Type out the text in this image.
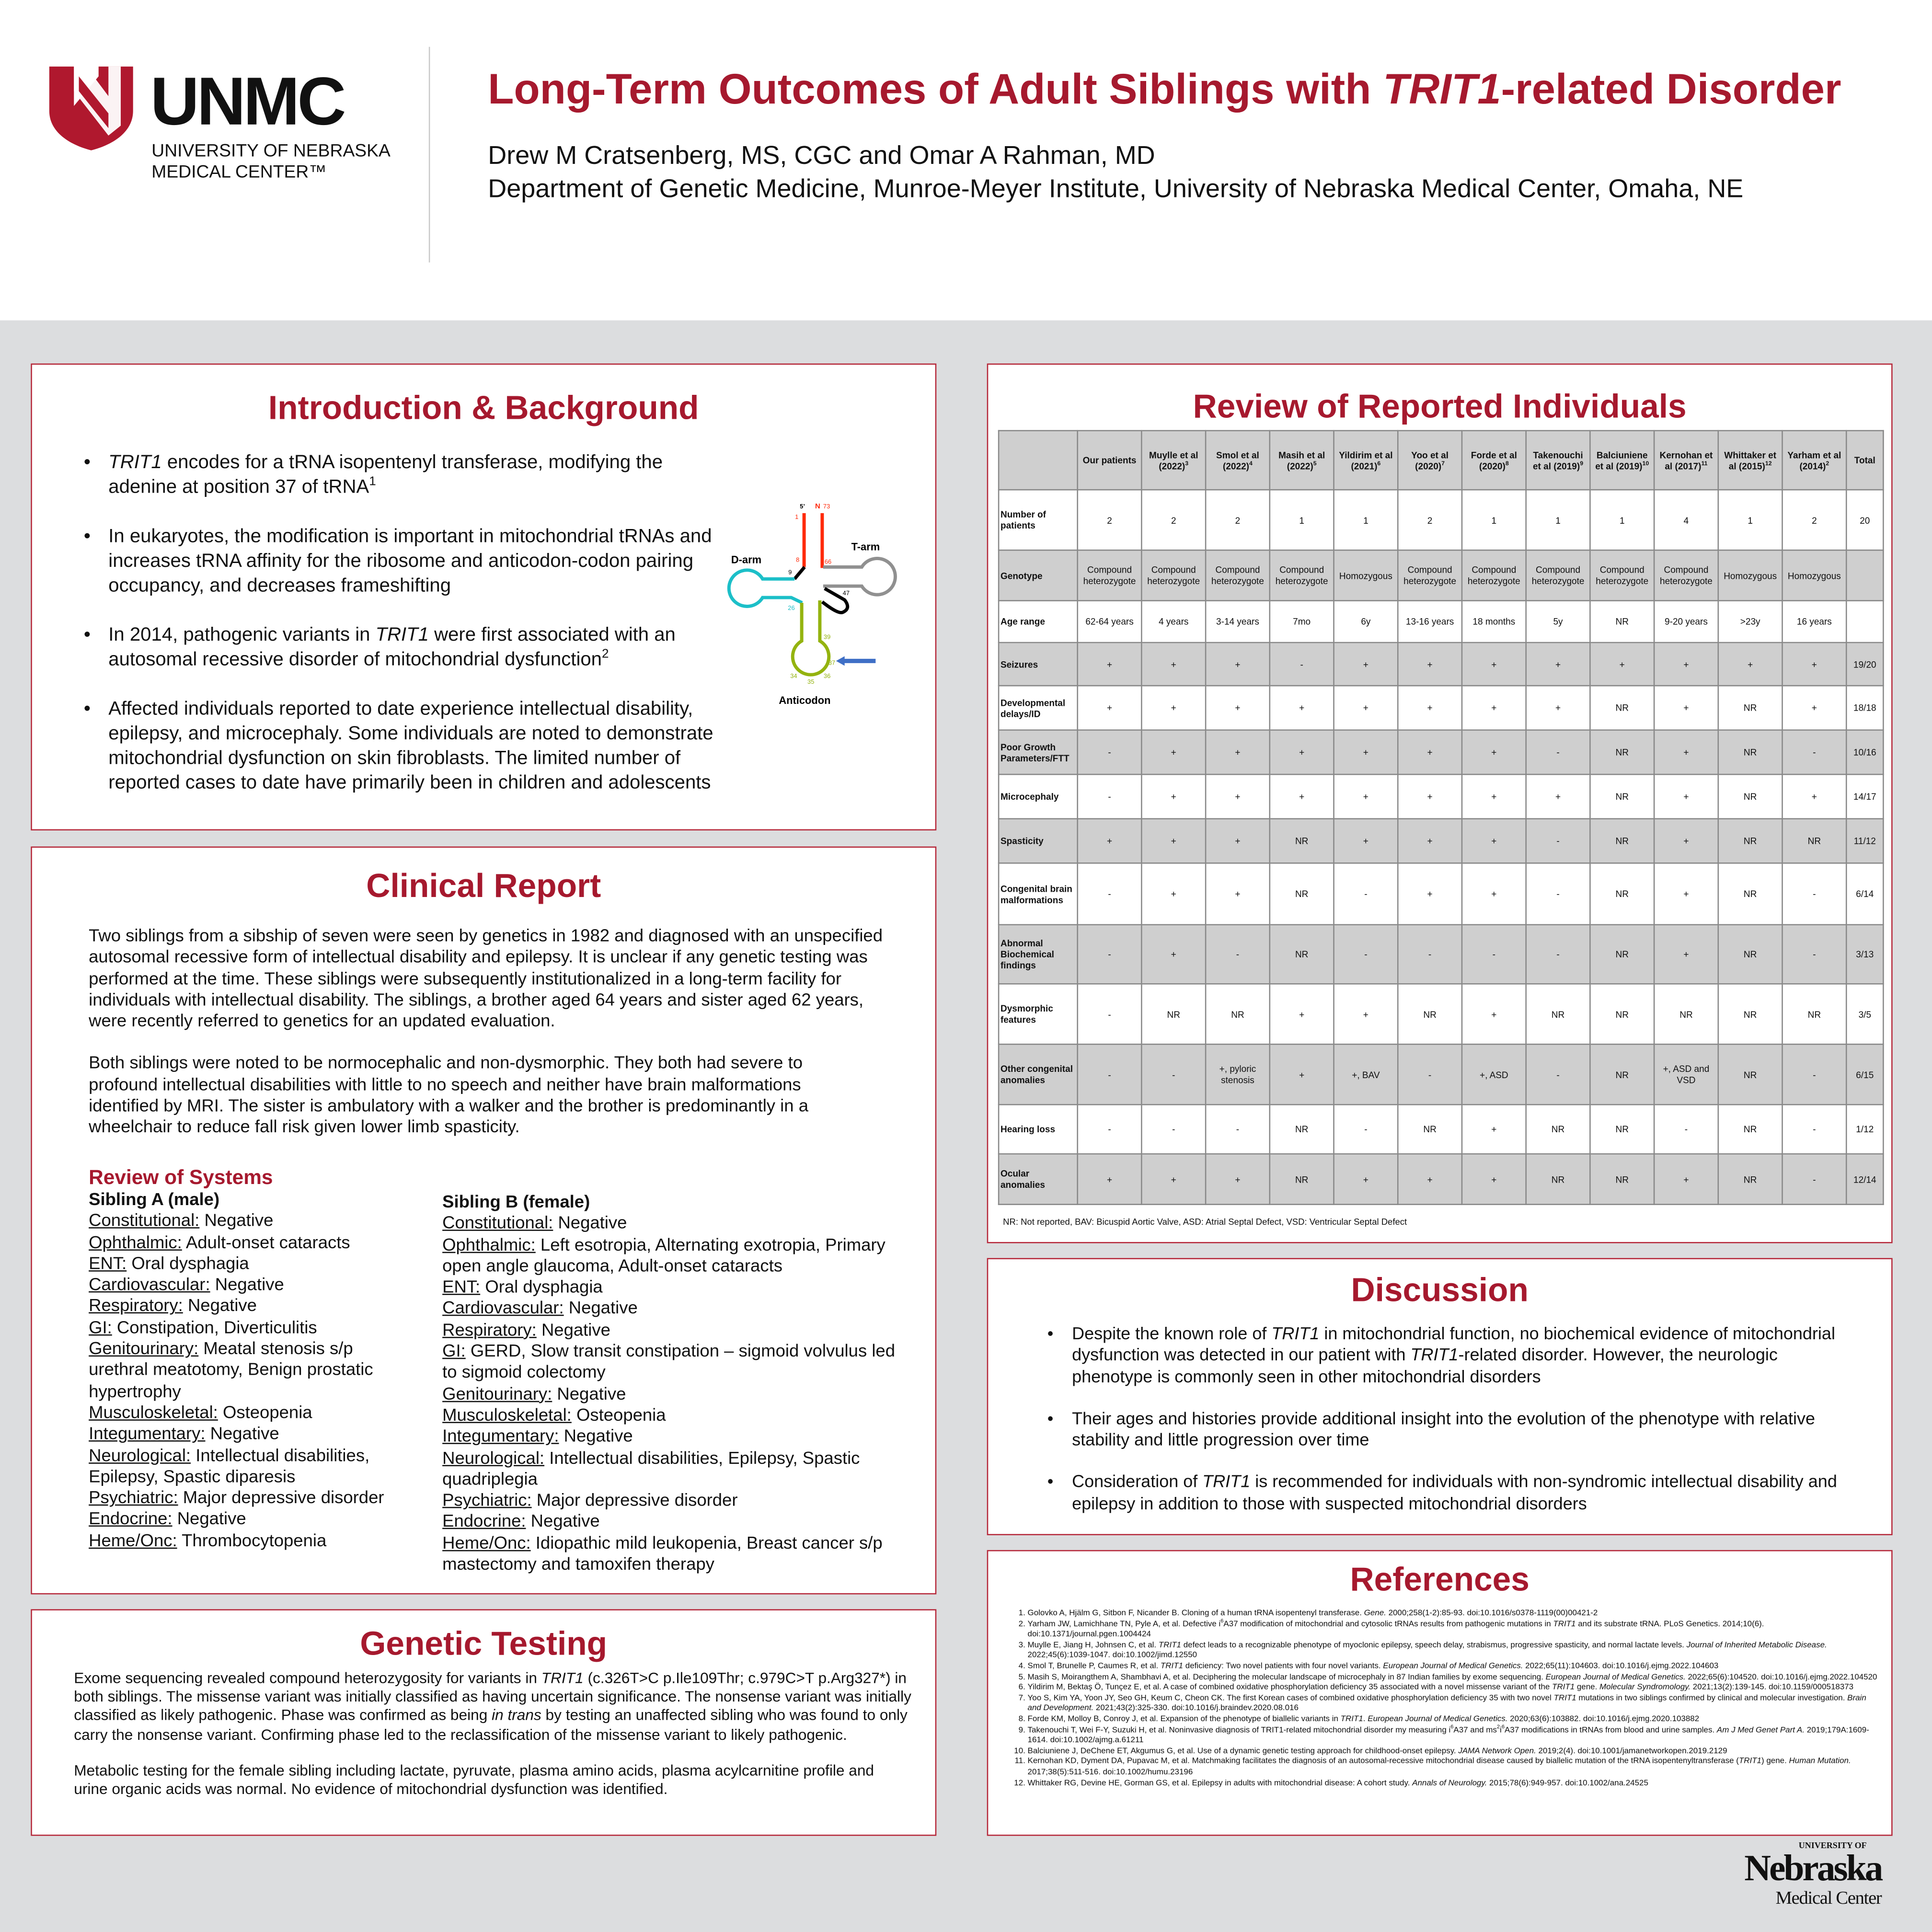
UNMC
UNIVERSITY OF NEBRASKA
MEDICAL CENTER™
Long-Term Outcomes of Adult Siblings with TRIT1-related Disorder
Drew M Cratsenberg, MS, CGC and Omar A Rahman, MD
Department of Genetic Medicine, Munroe-Meyer Institute, University of Nebraska Medical Center, Omaha, NE
Introduction & Background
• TRIT1 encodes for a tRNA isopentenyl transferase, modifying the adenine at position 37 of tRNA$^1$
• In eukaryotes, the modification is important in mitochondrial tRNAs and increases tRNA affinity for the ribosome and anticodon-codon pairing occupancy, and decreases frameshifting
• In 2014, pathogenic variants in TRIT1 were first associated with an autosomal recessive disorder of mitochondrial dysfunction$^2$
• Affected individuals reported to date experience intellectual disability, epilepsy, and microcephaly. Some individuals are noted to demonstrate mitochondrial dysfunction on skin fibroblasts. The limited number of reported cases to date have primarily been in children and adolescents
5’ N 73
1
8
9
66
47
26
39
37
34
35
36
D-arm
T-arm
Anticodon
Clinical Report
Two siblings from a sibship of seven were seen by genetics in 1982 and diagnosed with an unspecified autosomal recessive form of intellectual disability and epilepsy. It is unclear if any genetic testing was performed at the time. These siblings were subsequently institutionalized in a long-term facility for individuals with intellectual disability. The siblings, a brother aged 64 years and sister aged 62 years, were recently referred to genetics for an updated evaluation.
Both siblings were noted to be normocephalic and non-dysmorphic. They both had severe to profound intellectual disabilities with little to no speech and neither have brain malformations identified by MRI. The sister is ambulatory with a walker and the brother is predominantly in a wheelchair to reduce fall risk given lower limb spasticity.
Review of Systems
Sibling A (male)
Constitutional: Negative
Ophthalmic: Adult-onset cataracts
ENT: Oral dysphagia
Cardiovascular: Negative
Respiratory: Negative
GI: Constipation, Diverticulitis
Genitourinary: Meatal stenosis s/p urethral meatotomy, Benign prostatic hypertrophy
Musculoskeletal: Osteopenia
Integumentary: Negative
Neurological: Intellectual disabilities, Epilepsy, Spastic diparesis
Psychiatric: Major depressive disorder
Endocrine: Negative
Heme/Onc: Thrombocytopenia
Sibling B (female)
Constitutional: Negative
Ophthalmic: Left esotropia, Alternating exotropia, Primary open angle glaucoma, Adult-onset cataracts
ENT: Oral dysphagia
Cardiovascular: Negative
Respiratory: Negative
GI: GERD, Slow transit constipation – sigmoid volvulus led to sigmoid colectomy
Genitourinary: Negative
Musculoskeletal: Osteopenia
Integumentary: Negative
Neurological: Intellectual disabilities, Epilepsy, Spastic quadriplegia
Psychiatric: Major depressive disorder
Endocrine: Negative
Heme/Onc: Idiopathic mild leukopenia, Breast cancer s/p mastectomy and tamoxifen therapy
Genetic Testing
Exome sequencing revealed compound heterozygosity for variants in TRIT1 (c.326T>C p.Ile109Thr; c.979C>T p.Arg327*) in both siblings. The missense variant was initially classified as having uncertain significance. The nonsense variant was initially classified as likely pathogenic. Phase was confirmed as being in trans by testing an unaffected sibling who was found to only carry the nonsense variant. Confirming phase led to the reclassification of the missense variant to likely pathogenic.
Metabolic testing for the female sibling including lactate, pyruvate, plasma amino acids, plasma acylcarnitine profile and urine organic acids was normal. No evidence of mitochondrial dysfunction was identified.
Review of Reported Individuals
	Our patients	Muylle et al $(2022)^3$	Smol et al $(2022)^4$	Masih et al $(2022)^5$	Yildirim et al $(2021)^6$	Yoo et al $(2020)^7$	Forde et al $(2020)^8$	Takenouchi et al $(2019)^9$	Balciuniene et al $(2019)^{10}$	Kernohan et al $(2017)^{11}$	Whittaker et al $(2015)^{12}$	Yarham et al $(2014)^2$	Total
Number of patients	2	2	2	1	1	2	1	1	1	4	1	2	20
Genotype	Compound heterozygote	Compound heterozygote	Compound heterozygote	Compound heterozygote	Homozygous	Compound heterozygote	Compound heterozygote	Compound heterozygote	Compound heterozygote	Compound heterozygote	Homozygous	Homozygous	
Age range	62-64 years	4 years	3-14 years	7mo	6y	13-16 years	18 months	5y	NR	9-20 years	>23y	16 years	
Seizures	+	+	+	-	+	+	+	+	+	+	+	+	19/20
Developmental delays/ID	+	+	+	+	+	+	+	+	NR	+	NR	+	18/18
Poor Growth Parameters/FTT	-	+	+	+	+	+	+	-	NR	+	NR	-	10/16
Microcephaly	-	+	+	+	+	+	+	+	NR	+	NR	+	14/17
Spasticity	+	+	+	NR	+	+	+	-	NR	+	NR	NR	11/12
Congenital brain malformations	-	+	+	NR	-	+	+	-	NR	+	NR	-	6/14
Abnormal Biochemical findings	-	+	-	NR	-	-	-	-	NR	+	NR	-	3/13
Dysmorphic features	-	NR	NR	+	+	NR	+	NR	NR	NR	NR	NR	3/5
Other congenital anomalies	-	-	+, pyloric stenosis	+	+, BAV	-	+, ASD	-	NR	+, ASD and VSD	NR	-	6/15
Hearing loss	-	-	-	NR	-	NR	+	NR	NR	-	NR	-	1/12
Ocular anomalies	+	+	+	NR	+	+	+	NR	NR	+	NR	-	12/14
NR: Not reported, BAV: Bicuspid Aortic Valve, ASD: Atrial Septal Defect, VSD: Ventricular Septal Defect
Discussion
• Despite the known role of TRIT1 in mitochondrial function, no biochemical evidence of mitochondrial dysfunction was detected in our patient with TRIT1-related disorder. However, the neurologic phenotype is commonly seen in other mitochondrial disorders
• Their ages and histories provide additional insight into the evolution of the phenotype with relative stability and little progression over time
• Consideration of TRIT1 is recommended for individuals with non-syndromic intellectual disability and epilepsy in addition to those with suspected mitochondrial disorders
References
1. Golovko A, Hjälm G, Sitbon F, Nicander B. Cloning of a human tRNA isopentenyl transferase. Gene. 2000;258(1-2):85-93. doi:10.1016/s0378-1119(00)00421-2
2. Yarham JW, Lamichhane TN, Pyle A, et al. Defective $i^6A37$ modification of mitochondrial and cytosolic tRNAs results from pathogenic mutations in TRIT1 and its substrate tRNA. PLoS Genetics. 2014;10(6). doi:10.1371/journal.pgen.1004424
3. Muylle E, Jiang H, Johnsen C, et al. TRIT1 defect leads to a recognizable phenotype of myoclonic epilepsy, speech delay, strabismus, progressive spasticity, and normal lactate levels. Journal of Inherited Metabolic Disease. 2022;45(6):1039-1047. doi:10.1002/jimd.12550
4. Smol T, Brunelle P, Caumes R, et al. TRIT1 deficiency: Two novel patients with four novel variants. European Journal of Medical Genetics. 2022;65(11):104603. doi:10.1016/j.ejmg.2022.104603
5. Masih S, Moirangthem A, Shambhavi A, et al. Deciphering the molecular landscape of microcephaly in 87 Indian families by exome sequencing. European Journal of Medical Genetics. 2022;65(6):104520. doi:10.1016/j.ejmg.2022.104520
6. Yildirim M, Bektaş Ö, Tunçez E, et al. A case of combined oxidative phosphorylation deficiency 35 associated with a novel missense variant of the TRIT1 gene. Molecular Syndromology. 2021;13(2):139-145. doi:10.1159/000518373
7. Yoo S, Kim YA, Yoon JY, Seo GH, Keum C, Cheon CK. The first Korean cases of combined oxidative phosphorylation deficiency 35 with two novel TRIT1 mutations in two siblings confirmed by clinical and molecular investigation. Brain and Development. 2021;43(2):325-330. doi:10.1016/j.braindev.2020.08.016
8. Forde KM, Molloy B, Conroy J, et al. Expansion of the phenotype of biallelic variants in TRIT1. European Journal of Medical Genetics. 2020;63(6):103882. doi:10.1016/j.ejmg.2020.103882
9. Takenouchi T, Wei F-Y, Suzuki H, et al. Noninvasive diagnosis of TRIT1-related mitochondrial disorder my measuring $i^6A37$ and $ms^2i^6A37$ modifications in tRNAs from blood and urine samples. Am J Med Genet Part A. 2019;179A:1609-1614. doi:10.1002/ajmg.a.61211
10. Balciuniene J, DeChene ET, Akgumus G, et al. Use of a dynamic genetic testing approach for childhood-onset epilepsy. JAMA Network Open. 2019;2(4). doi:10.1001/jamanetworkopen.2019.2129
11. Kernohan KD, Dyment DA, Pupavac M, et al. Matchmaking facilitates the diagnosis of an autosomal-recessive mitochondrial disease caused by biallelic mutation of the tRNA isopentenyltransferase (TRIT1) gene. Human Mutation. 2017;38(5):511-516. doi:10.1002/humu.23196
12. Whittaker RG, Devine HE, Gorman GS, et al. Epilepsy in adults with mitochondrial disease: A cohort study. Annals of Neurology. 2015;78(6):949-957. doi:10.1002/ana.24525
UNIVERSITY OF
Nebraska
Medical Center
